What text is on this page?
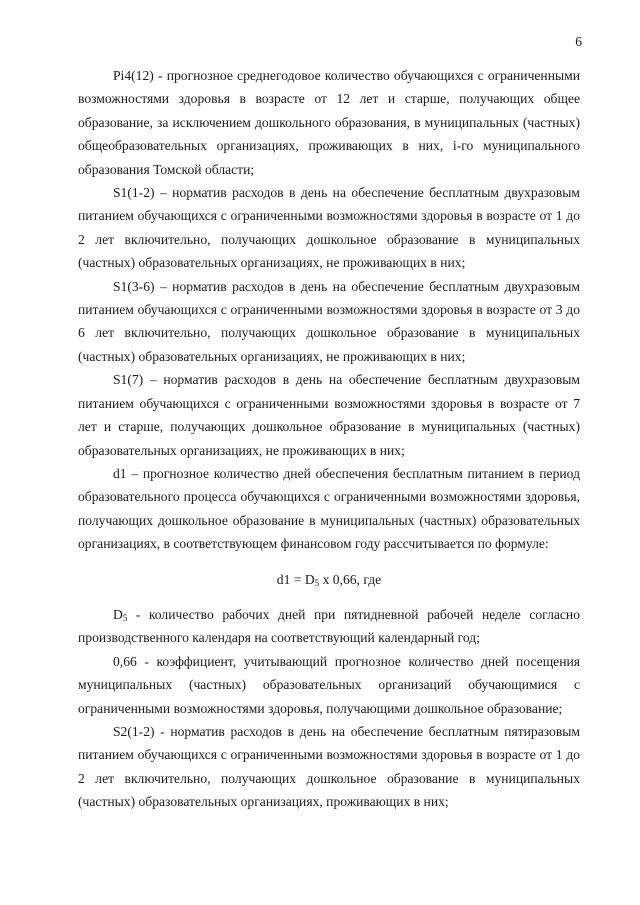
6

Pi4(12) - прогнозное среднегодовое количество обучающихся с ограниченными возможностями здоровья в возрасте от 12 лет и старше, получающих общее образование, за исключением дошкольного образования, в муниципальных (частных) общеобразовательных организациях, проживающих в них, i-го муниципального образования Томской области;

S1(1-2) – норматив расходов в день на обеспечение бесплатным двухразовым питанием обучающихся с ограниченными возможностями здоровья в возрасте от 1 до 2 лет включительно, получающих дошкольное образование в муниципальных (частных) образовательных организациях, не проживающих в них;

S1(3-6) – норматив расходов в день на обеспечение бесплатным двухразовым питанием обучающихся с ограниченными возможностями здоровья в возрасте от 3 до 6 лет включительно, получающих дошкольное образование в муниципальных (частных) образовательных организациях, не проживающих в них;

S1(7) – норматив расходов в день на обеспечение бесплатным двухразовым питанием обучающихся с ограниченными возможностями здоровья в возрасте от 7 лет и старше, получающих дошкольное образование в муниципальных (частных) образовательных организациях, не проживающих в них;

d1 – прогнозное количество дней обеспечения бесплатным питанием в период образовательного процесса обучающихся с ограниченными возможностями здоровья, получающих дошкольное образование в муниципальных (частных) образовательных организациях, в соответствующем финансовом году рассчитывается по формуле:

$d1 = D_5$ x 0,66, где

$D_5$ - количество рабочих дней при пятидневной рабочей неделе согласно производственного календаря на соответствующий календарный год;

0,66 - коэффициент, учитывающий прогнозное количество дней посещения муниципальных (частных) образовательных организаций обучающимися с ограниченными возможностями здоровья, получающими дошкольное образование;

S2(1-2) - норматив расходов в день на обеспечение бесплатным пятиразовым питанием обучающихся с ограниченными возможностями здоровья в возрасте от 1 до 2 лет включительно, получающих дошкольное образование в муниципальных (частных) образовательных организациях, проживающих в них;
